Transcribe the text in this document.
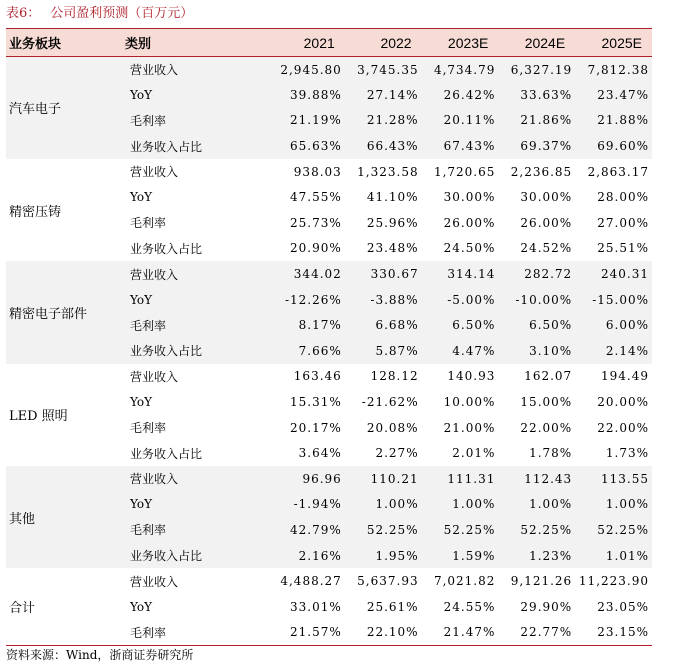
表6： 公司盈利预测（百万元）
业务板块	类别	2021	2022	2023E	2024E	2025E
汽车电子	营业收入	2,945.80	3,745.35	4,734.79	6,327.19	7,812.38
	YoY	39.88%	27.14%	26.42%	33.63%	23.47%
	毛利率	21.19%	21.28%	20.11%	21.86%	21.88%
	业务收入占比	65.63%	66.43%	67.43%	69.37%	69.60%
精密压铸	营业收入	938.03	1,323.58	1,720.65	2,236.85	2,863.17
	YoY	47.55%	41.10%	30.00%	30.00%	28.00%
	毛利率	25.73%	25.96%	26.00%	26.00%	27.00%
	业务收入占比	20.90%	23.48%	24.50%	24.52%	25.51%
精密电子部件	营业收入	344.02	330.67	314.14	282.72	240.31
	YoY	-12.26%	-3.88%	-5.00%	-10.00%	-15.00%
	毛利率	8.17%	6.68%	6.50%	6.50%	6.00%
	业务收入占比	7.66%	5.87%	4.47%	3.10%	2.14%
LED 照明	营业收入	163.46	128.12	140.93	162.07	194.49
	YoY	15.31%	-21.62%	10.00%	15.00%	20.00%
	毛利率	20.17%	20.08%	21.00%	22.00%	22.00%
	业务收入占比	3.64%	2.27%	2.01%	1.78%	1.73%
其他	营业收入	96.96	110.21	111.31	112.43	113.55
	YoY	-1.94%	1.00%	1.00%	1.00%	1.00%
	毛利率	42.79%	52.25%	52.25%	52.25%	52.25%
	业务收入占比	2.16%	1.95%	1.59%	1.23%	1.01%
合计	营业收入	4,488.27	5,637.93	7,021.82	9,121.26	11,223.90
	YoY	33.01%	25.61%	24.55%	29.90%	23.05%
	毛利率	21.57%	22.10%	21.47%	22.77%	23.15%
资料来源：Wind，浙商证券研究所
